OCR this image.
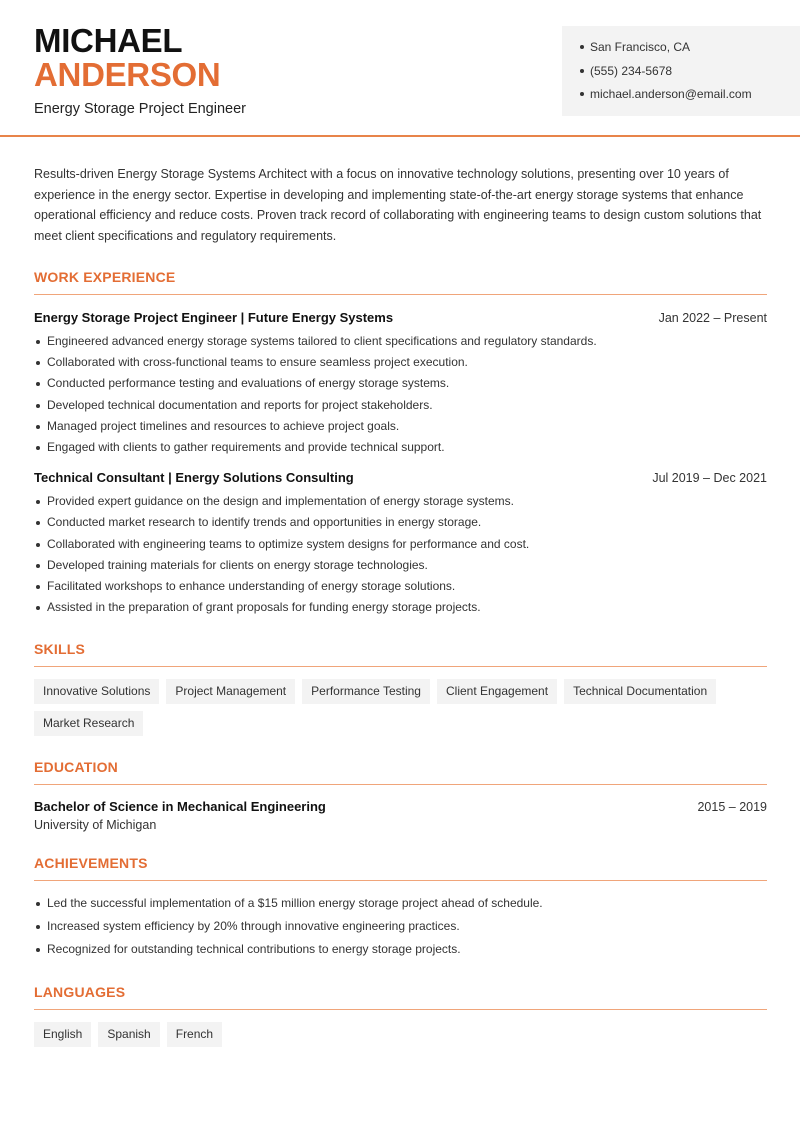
MICHAEL
ANDERSON
Energy Storage Project Engineer
San Francisco, CA
(555) 234-5678
michael.anderson@email.com

Results-driven Energy Storage Systems Architect with a focus on innovative technology solutions, presenting over 10 years of experience in the energy sector. Expertise in developing and implementing state-of-the-art energy storage systems that enhance operational efficiency and reduce costs. Proven track record of collaborating with engineering teams to design custom solutions that meet client specifications and regulatory requirements.

WORK EXPERIENCE
Energy Storage Project Engineer | Future Energy Systems	Jan 2022 – Present
Engineered advanced energy storage systems tailored to client specifications and regulatory standards.
Collaborated with cross-functional teams to ensure seamless project execution.
Conducted performance testing and evaluations of energy storage systems.
Developed technical documentation and reports for project stakeholders.
Managed project timelines and resources to achieve project goals.
Engaged with clients to gather requirements and provide technical support.
Technical Consultant | Energy Solutions Consulting	Jul 2019 – Dec 2021
Provided expert guidance on the design and implementation of energy storage systems.
Conducted market research to identify trends and opportunities in energy storage.
Collaborated with engineering teams to optimize system designs for performance and cost.
Developed training materials for clients on energy storage technologies.
Facilitated workshops to enhance understanding of energy storage solutions.
Assisted in the preparation of grant proposals for funding energy storage projects.
SKILLS
Innovative Solutions	Project Management	Performance Testing	Client Engagement	Technical Documentation
Market Research
EDUCATION
Bachelor of Science in Mechanical Engineering	2015 – 2019
University of Michigan
ACHIEVEMENTS
Led the successful implementation of a $15 million energy storage project ahead of schedule.
Increased system efficiency by 20% through innovative engineering practices.
Recognized for outstanding technical contributions to energy storage projects.
LANGUAGES
English	Spanish	French
